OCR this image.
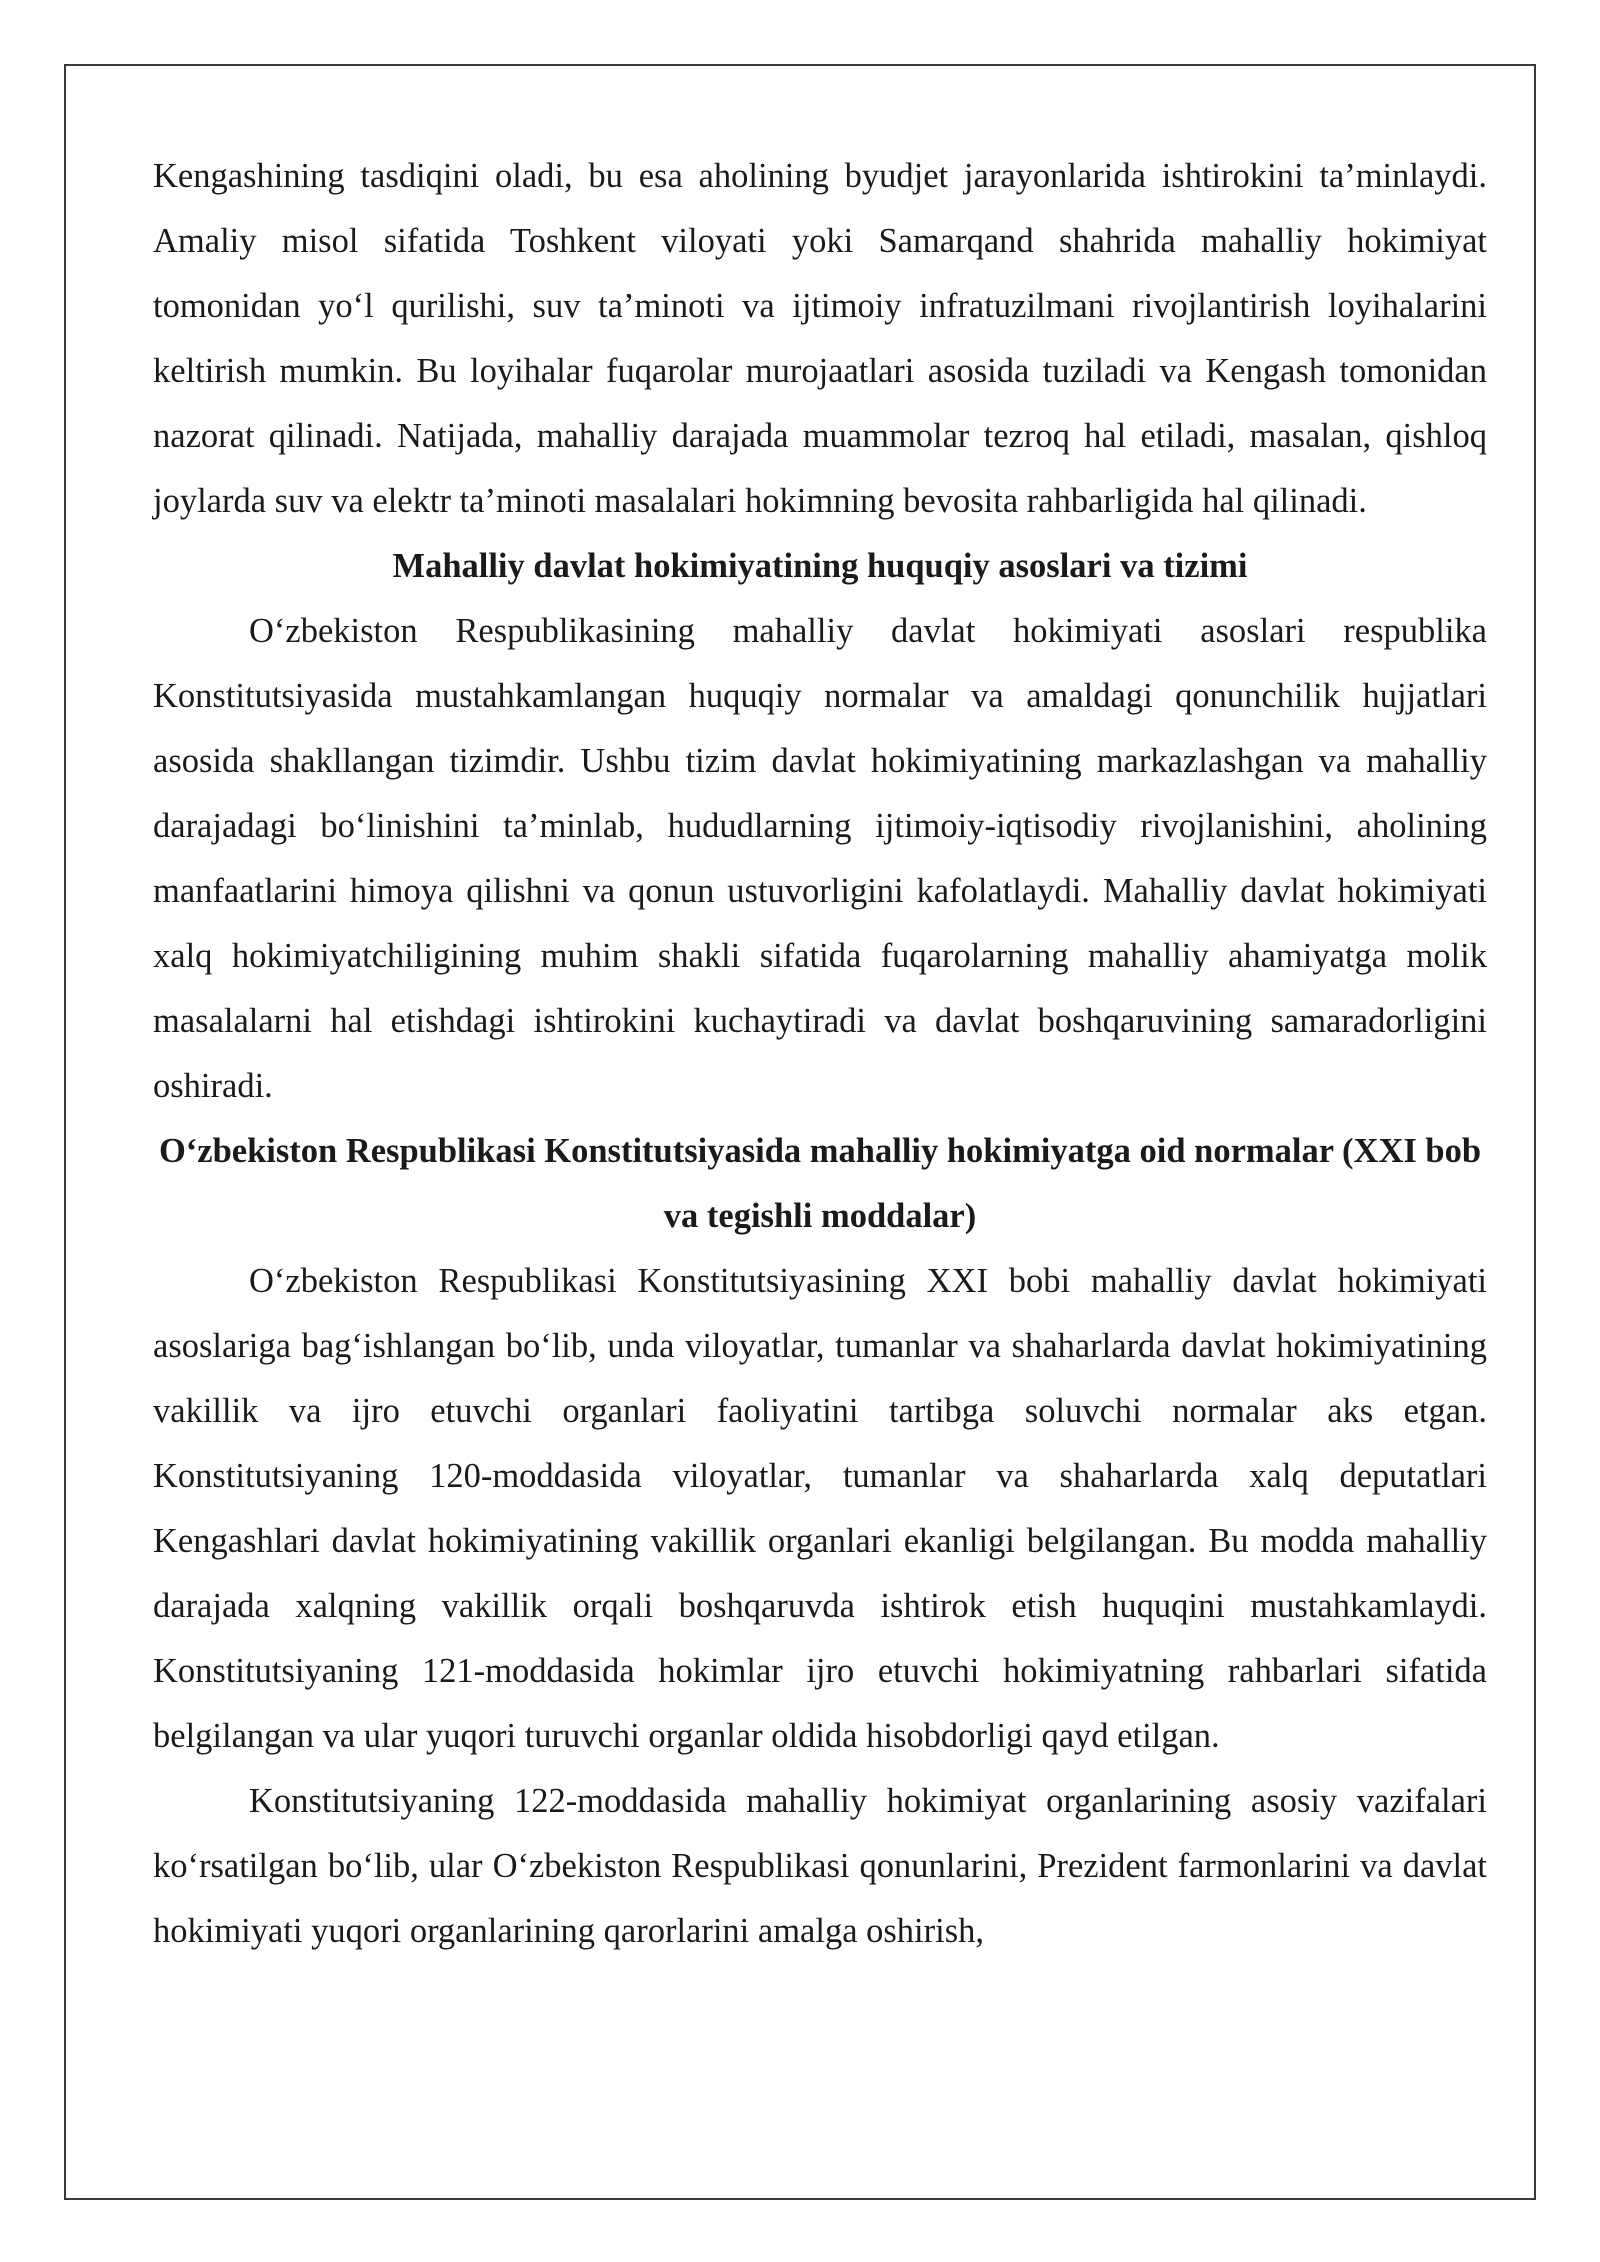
Kengashining tasdiqini oladi, bu esa aholining byudjet jarayonlarida ishtirokini ta’minlaydi. Amaliy misol sifatida Toshkent viloyati yoki Samarqand shahrida mahalliy hokimiyat tomonidan yo‘l qurilishi, suv ta’minoti va ijtimoiy infratuzilmani rivojlantirish loyihalarini keltirish mumkin. Bu loyihalar fuqarolar murojaatlari asosida tuziladi va Kengash tomonidan nazorat qilinadi. Natijada, mahalliy darajada muammolar tezroq hal etiladi, masalan, qishloq joylarda suv va elektr ta’minoti masalalari hokimning bevosita rahbarligida hal qilinadi.

Mahalliy davlat hokimiyatining huquqiy asoslari va tizimi

O‘zbekiston Respublikasining mahalliy davlat hokimiyati asoslari respublika Konstitutsiyasida mustahkamlangan huquqiy normalar va amaldagi qonunchilik hujjatlari asosida shakllangan tizimdir. Ushbu tizim davlat hokimiyatining markazlashgan va mahalliy darajadagi bo‘linishini ta’minlab, hududlarning ijtimoiy-iqtisodiy rivojlanishini, aholining manfaatlarini himoya qilishni va qonun ustuvorligini kafolatlaydi. Mahalliy davlat hokimiyati xalq hokimiyatchiligining muhim shakli sifatida fuqarolarning mahalliy ahamiyatga molik masalalarni hal etishdagi ishtirokini kuchaytiradi va davlat boshqaruvining samaradorligini oshiradi.

O‘zbekiston Respublikasi Konstitutsiyasida mahalliy hokimiyatga oid normalar (XXI bob va tegishli moddalar)

O‘zbekiston Respublikasi Konstitutsiyasining XXI bobi mahalliy davlat hokimiyati asoslariga bag‘ishlangan bo‘lib, unda viloyatlar, tumanlar va shaharlarda davlat hokimiyatining vakillik va ijro etuvchi organlari faoliyatini tartibga soluvchi normalar aks etgan. Konstitutsiyaning 120-moddasida viloyatlar, tumanlar va shaharlarda xalq deputatlari Kengashlari davlat hokimiyatining vakillik organlari ekanligi belgilangan. Bu modda mahalliy darajada xalqning vakillik orqali boshqaruvda ishtirok etish huquqini mustahkamlaydi. Konstitutsiyaning 121-moddasida hokimlar ijro etuvchi hokimiyatning rahbarlari sifatida belgilangan va ular yuqori turuvchi organlar oldida hisobdorligi qayd etilgan.

Konstitutsiyaning 122-moddasida mahalliy hokimiyat organlarining asosiy vazifalari ko‘rsatilgan bo‘lib, ular O‘zbekiston Respublikasi qonunlarini, Prezident farmonlarini va davlat hokimiyati yuqori organlarining qarorlarini amalga oshirish,
